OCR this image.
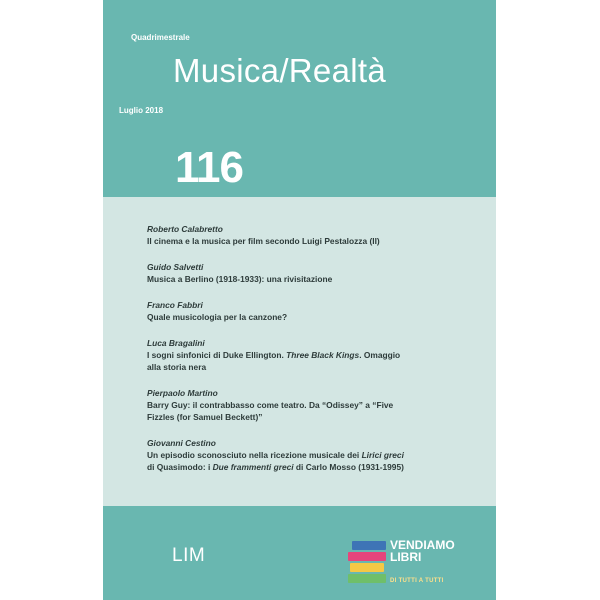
Quadrimestrale
Musica/Realtà
Luglio 2018
116
Roberto Calabretto
Il cinema e la musica per film secondo Luigi Pestalozza (II)
Guido Salvetti
Musica a Berlino (1918-1933): una rivisitazione
Franco Fabbri
Quale musicologia per la canzone?
Luca Bragalini
I sogni sinfonici di Duke Ellington. Three Black Kings. Omaggio
alla storia nera
Pierpaolo Martino
Barry Guy: il contrabbasso come teatro. Da “Odissey” a “Five
Fizzles (for Samuel Beckett)”
Giovanni Cestino
Un episodio sconosciuto nella ricezione musicale dei Lirici greci
di Quasimodo: i Due frammenti greci di Carlo Mosso (1931-1995)
LIM	VENDIAMO
LIBRI
DI TUTTI A TUTTI
